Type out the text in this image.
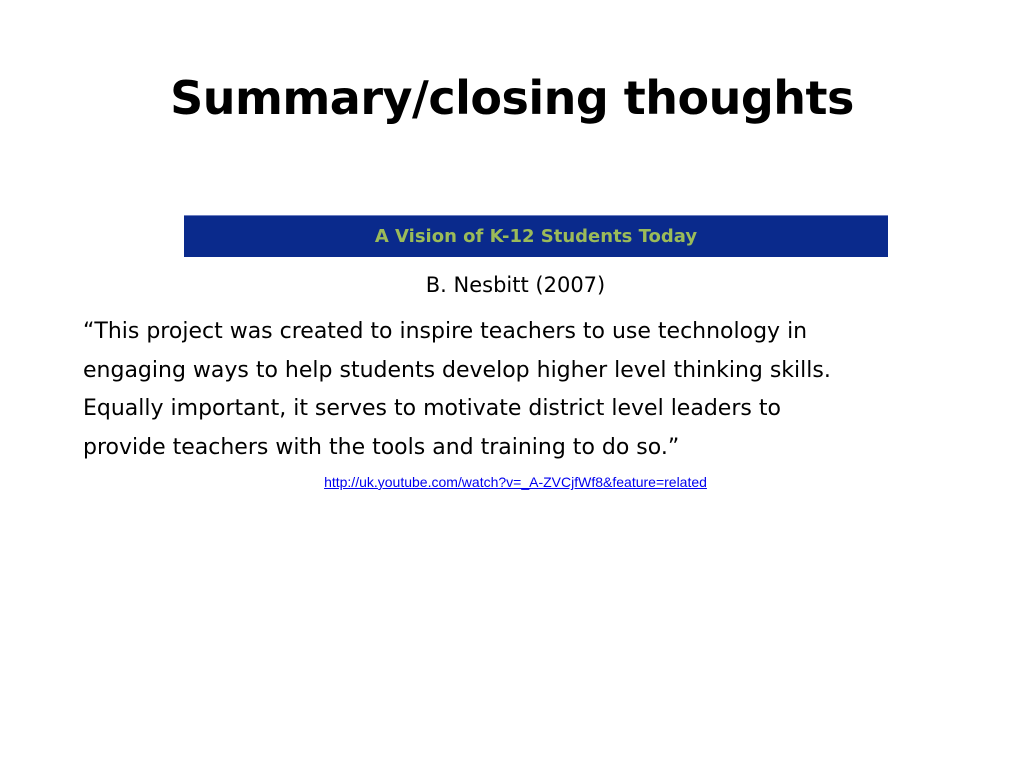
Summary/closing thoughts
A Vision of K-12 Students Today
B. Nesbitt (2007)

“This project was created to inspire teachers to use technology in
engaging ways to help students develop higher level thinking skills.
Equally important, it serves to motivate district level leaders to
provide teachers with the tools and training to do so.”

http://uk.youtube.com/watch?v=_A-ZVCjfWf8&feature=related
